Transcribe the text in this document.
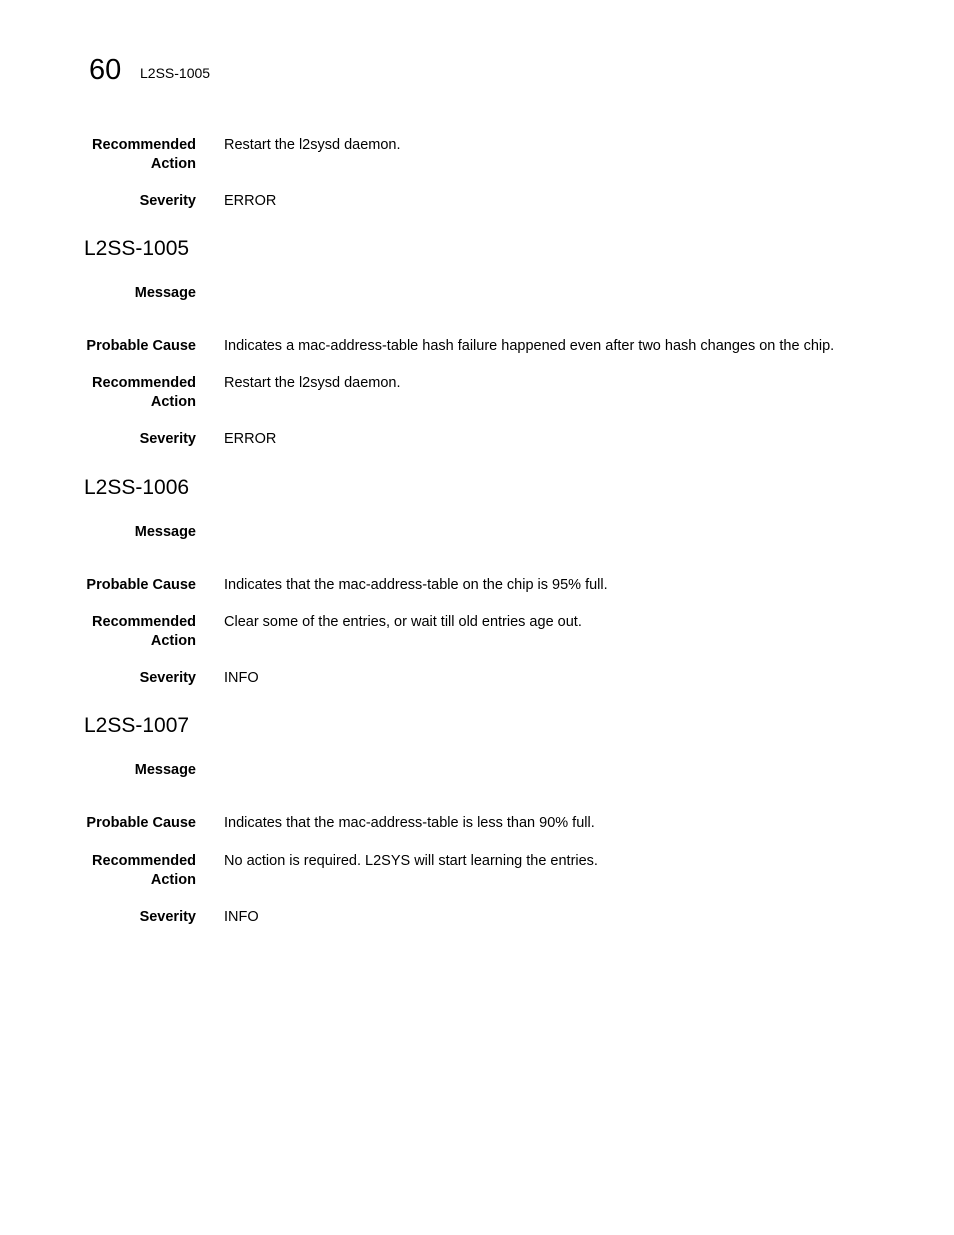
60 L2SS-1005
Recommended
Action
Restart the l2sysd daemon.
Severity ERROR
L2SS-1005
Message
Probable Cause Indicates a mac-address-table hash failure happened even after two hash changes on the chip.
Recommended
Action
Restart the l2sysd daemon.
Severity ERROR
L2SS-1006
Message
Probable Cause Indicates that the mac-address-table on the chip is 95% full.
Recommended
Action
Clear some of the entries, or wait till old entries age out.
Severity INFO
L2SS-1007
Message
Probable Cause Indicates that the mac-address-table is less than 90% full.
Recommended
Action
No action is required. L2SYS will start learning the entries.
Severity INFO
